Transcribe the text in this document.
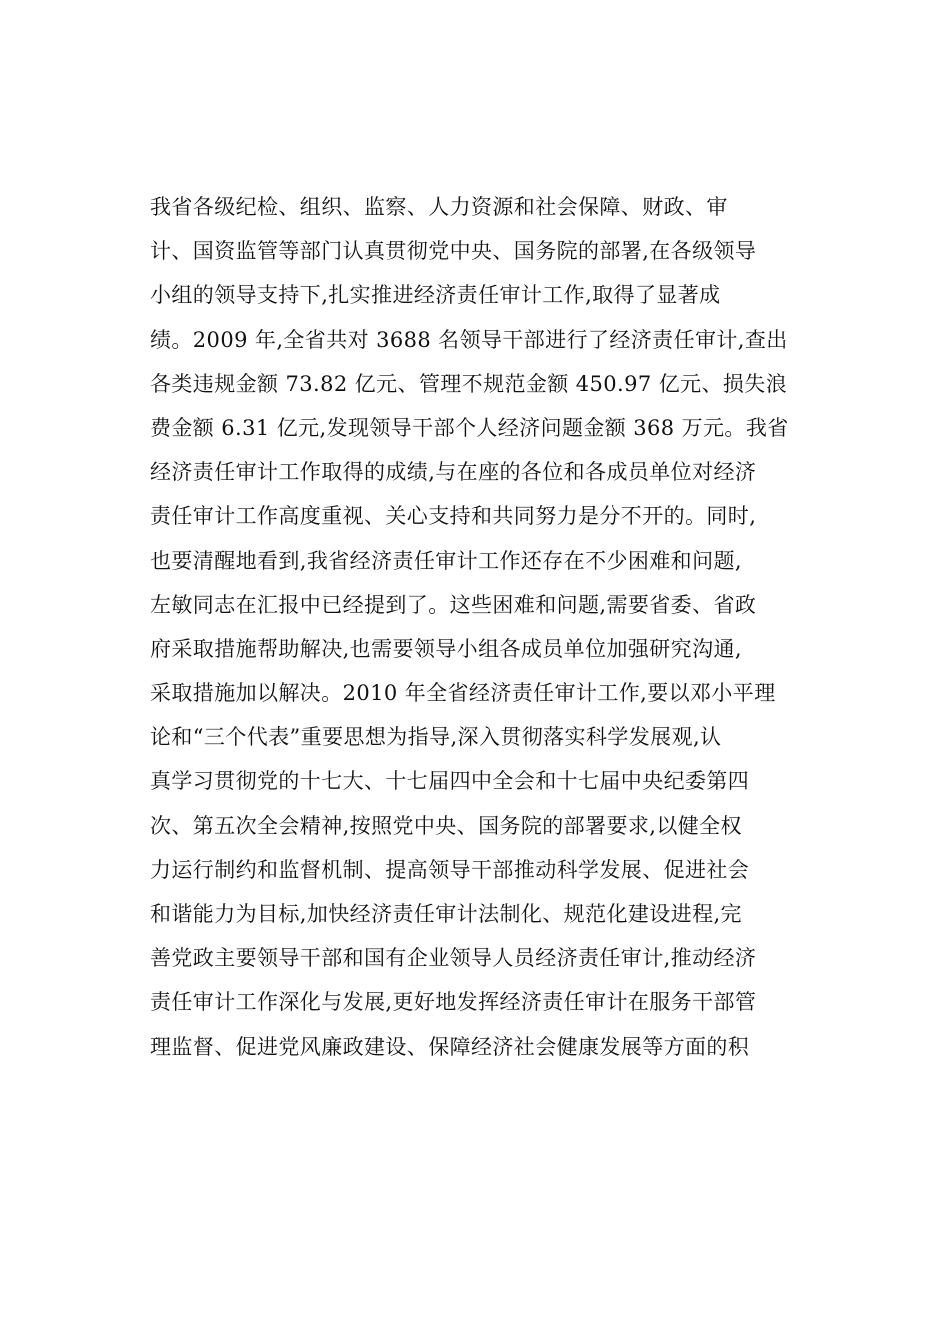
我省各级纪检、组织、监察、人力资源和社会保障、财政、审
计、国资监管等部门认真贯彻党中央、国务院的部署,在各级领导
小组的领导支持下,扎实推进经济责任审计工作,取得了显著成
绩。2009 年,全省共对 3688 名领导干部进行了经济责任审计,查出
各类违规金额 73.82 亿元、管理不规范金额 450.97 亿元、损失浪
费金额 6.31 亿元,发现领导干部个人经济问题金额 368 万元。我省
经济责任审计工作取得的成绩,与在座的各位和各成员单位对经济
责任审计工作高度重视、关心支持和共同努力是分不开的。同时,
也要清醒地看到,我省经济责任审计工作还存在不少困难和问题,
左敏同志在汇报中已经提到了。这些困难和问题,需要省委、省政
府采取措施帮助解决,也需要领导小组各成员单位加强研究沟通,
采取措施加以解决。2010 年全省经济责任审计工作,要以邓小平理
论和“三个代表”重要思想为指导,深入贯彻落实科学发展观,认
真学习贯彻党的十七大、十七届四中全会和十七届中央纪委第四
次、第五次全会精神,按照党中央、国务院的部署要求,以健全权
力运行制约和监督机制、提高领导干部推动科学发展、促进社会
和谐能力为目标,加快经济责任审计法制化、规范化建设进程,完
善党政主要领导干部和国有企业领导人员经济责任审计,推动经济
责任审计工作深化与发展,更好地发挥经济责任审计在服务干部管
理监督、促进党风廉政建设、保障经济社会健康发展等方面的积
